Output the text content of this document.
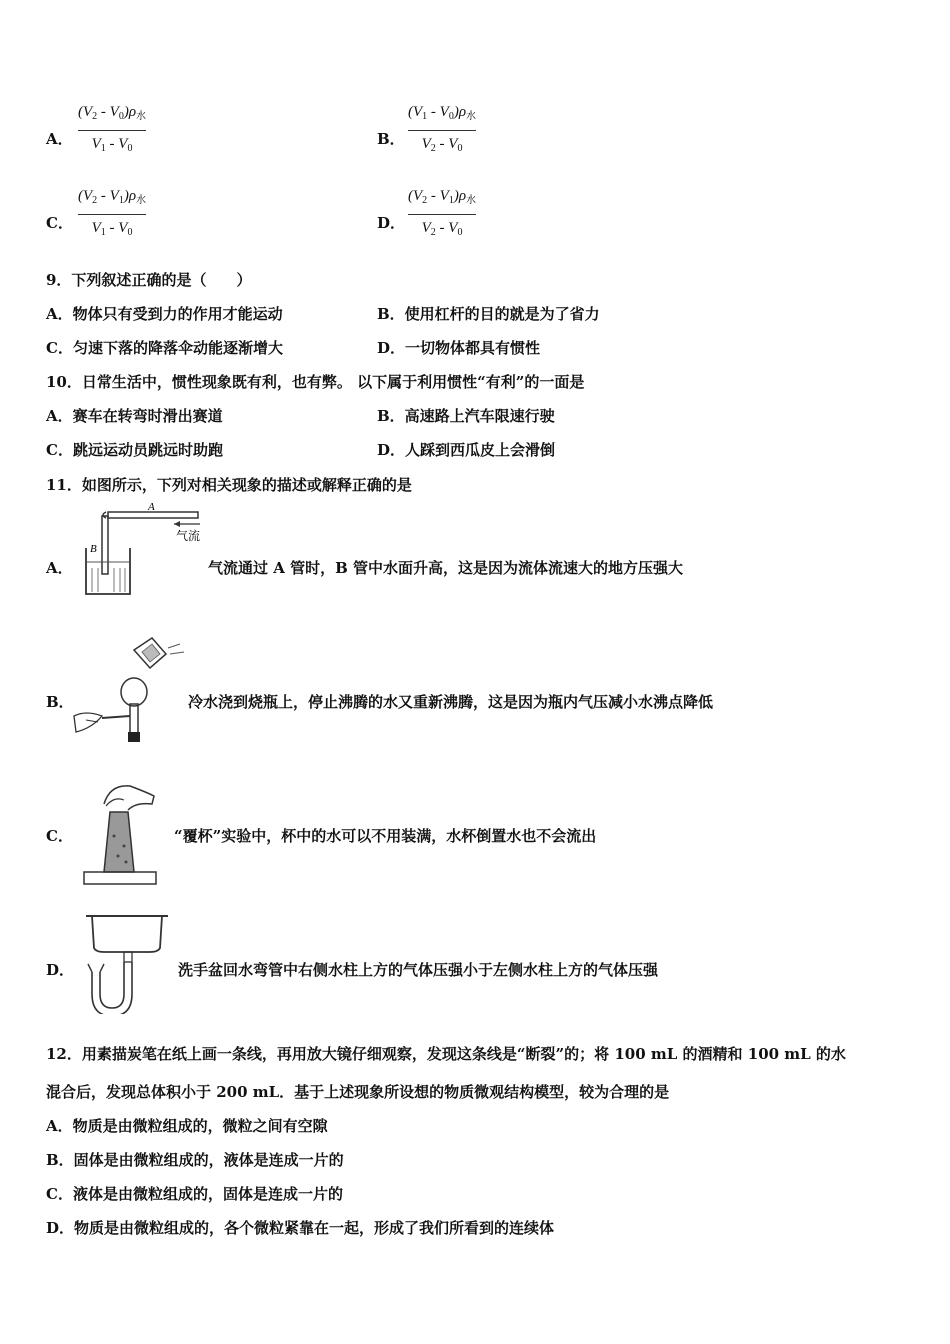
A．
$(V_2 - V_0)\rho_水$
$V_1 - V_0$
B．
$(V_1 - V_0)\rho_水$
$V_2 - V_0$
C．
$(V_2 - V_1)\rho_水$
$V_1 - V_0$
D．
$(V_2 - V_1)\rho_水$
$V_2 - V_0$
9．下列叙述正确的是（　　）
A．物体只有受到力的作用才能运动	B．使用杠杆的目的就是为了省力
C．匀速下落的降落伞动能逐渐增大	D．一切物体都具有惯性
10．日常生活中，惯性现象既有利，也有弊。 以下属于利用惯性“有利”的一面是
A．赛车在转弯时滑出赛道	B．高速路上汽车限速行驶
C．跳远运动员跳远时助跑	D．人踩到西瓜皮上会滑倒
11．如图所示，下列对相关现象的描述或解释正确的是
A．
A
B
气流
气流通过 A 管时，B 管中水面升高，这是因为流体流速大的地方压强大
B．	冷水浇到烧瓶上，停止沸腾的水又重新沸腾，这是因为瓶内气压减小水沸点降低
C．	“覆杯”实验中，杯中的水可以不用装满，水杯倒置水也不会流出
D．	洗手盆回水弯管中右侧水柱上方的气体压强小于左侧水柱上方的气体压强
12．用素描炭笔在纸上画一条线，再用放大镜仔细观察，发现这条线是“断裂”的；将 100 mL 的酒精和 100 mL 的水
混合后，发现总体积小于 200 mL．基于上述现象所设想的物质微观结构模型，较为合理的是
A．物质是由微粒组成的，微粒之间有空隙
B．固体是由微粒组成的，液体是连成一片的
C．液体是由微粒组成的，固体是连成一片的
D．物质是由微粒组成的，各个微粒紧靠在一起，形成了我们所看到的连续体
